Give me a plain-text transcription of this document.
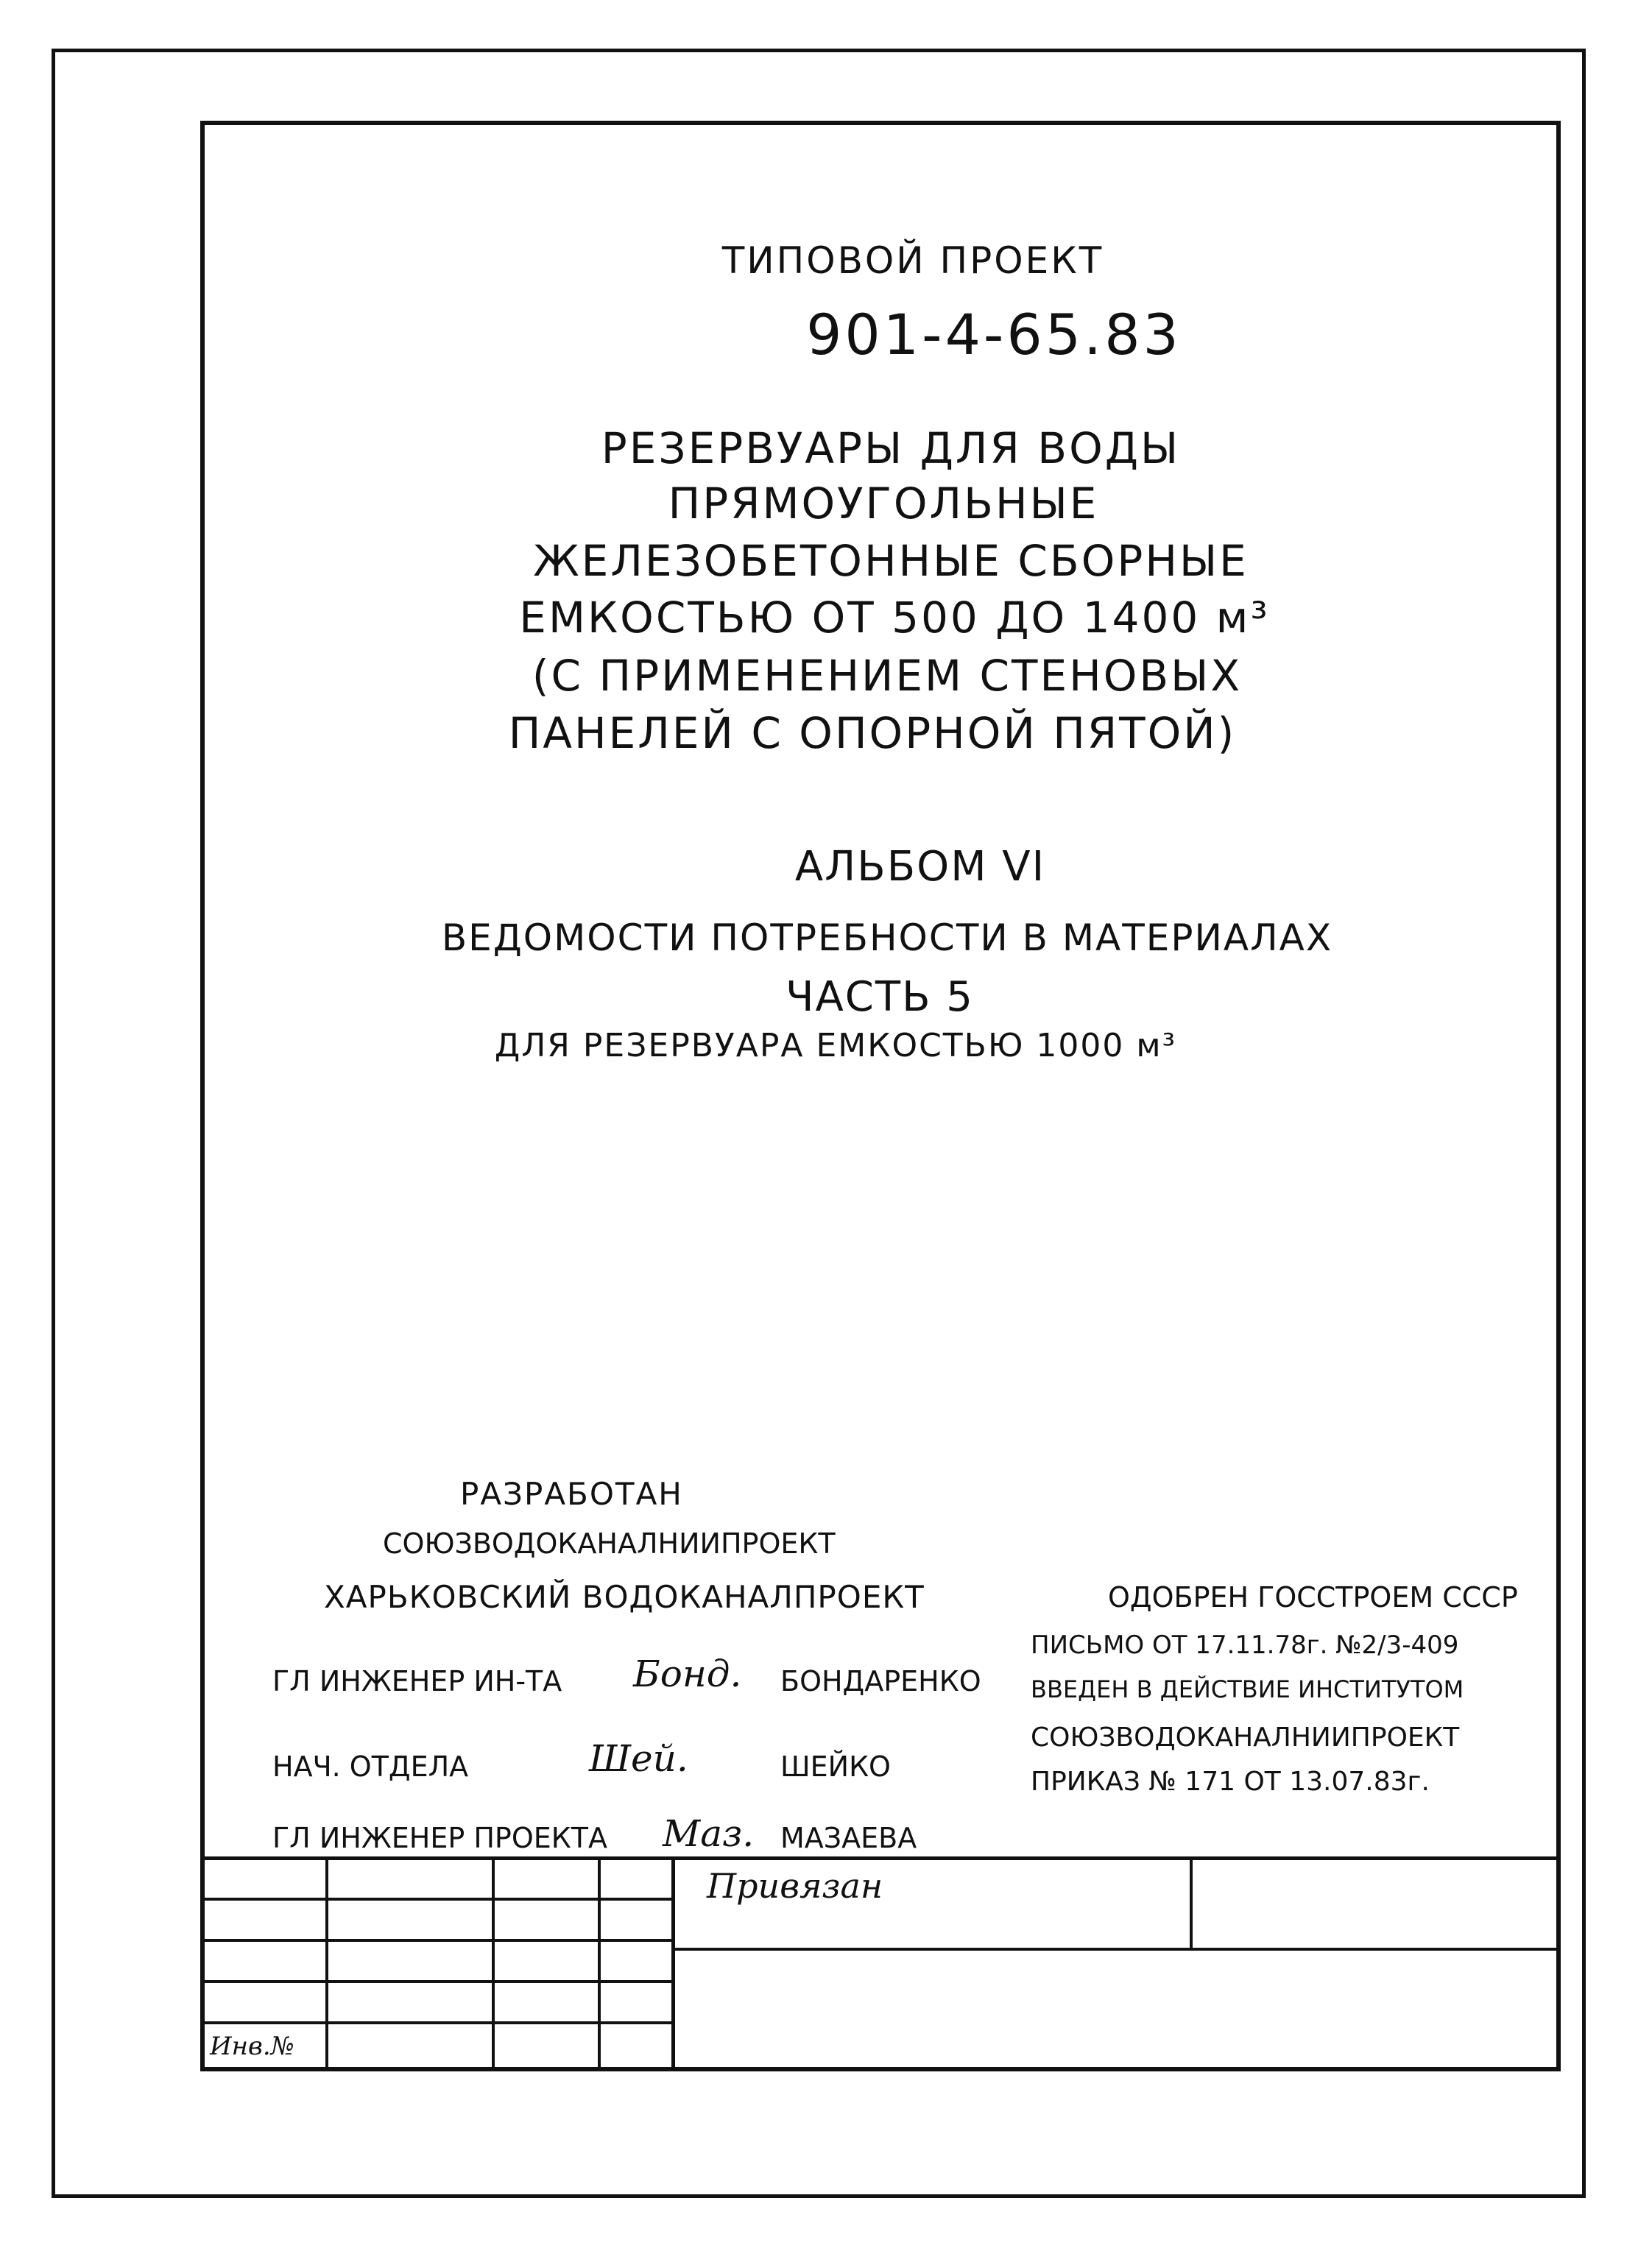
ТИПОВОЙ ПРОЕКТ
901-4-65.83
РЕЗЕРВУАРЫ ДЛЯ ВОДЫ
ПРЯМОУГОЛЬНЫЕ
ЖЕЛЕЗОБЕТОННЫЕ СБОРНЫЕ
ЕМКОСТЬЮ ОТ 500 ДО 1400 м³
(С ПРИМЕНЕНИЕМ СТЕНОВЫХ
ПАНЕЛЕЙ С ОПОРНОЙ ПЯТОЙ)
АЛЬБОМ VI
ВЕДОМОСТИ ПОТРЕБНОСТИ В МАТЕРИАЛАХ
ЧАСТЬ 5
ДЛЯ РЕЗЕРВУАРА ЕМКОСТЬЮ 1000 м³
РАЗРАБОТАН
СОЮЗВОДОКАНАЛНИИПРОЕКТ
ХАРЬКОВСКИЙ ВОДОКАНАЛПРОЕКТ
ГЛ ИНЖЕНЕР ИН-ТА Бонд. БОНДАРЕНКО
НАЧ. ОТДЕЛА	Шей.	ШЕЙКО
ГЛ ИНЖЕНЕР ПРОЕКТА Маз. МАЗАЕВА
ОДОБРЕН ГОССТРОЕМ СССР
ПИСЬМО ОТ 17.11.78г. №2/3-409
ВВЕДЕН В ДЕЙСТВИЕ ИНСТИТУТОМ
СОЮЗВОДОКАНАЛНИИПРОЕКТ
ПРИКАЗ № 171 ОТ 13.07.83г.
Привязан
Инв.№
